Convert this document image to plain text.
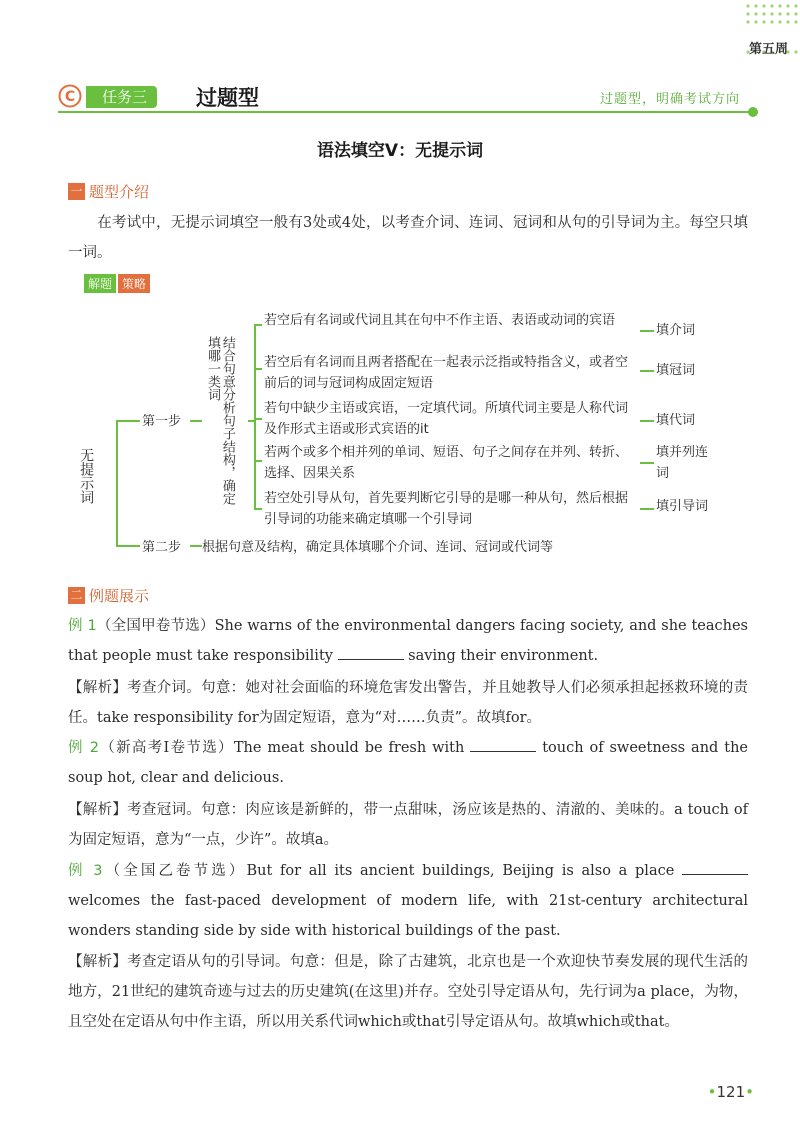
第五周
C	任务三	过题型	过题型，明确考试方向
语法填空Ⅴ：无提示词
一 题型介绍
在考试中，无提示词填空一般有3处或4处，以考查介词、连词、冠词和从句的引导词为主。每空只填一词。
解题 策略
无提示词
第一步	结合句意分析句子结构，确定填哪一类词
若空后有名词或代词且其在句中不作主语、表语或动词的宾语
若空后有名词而且两者搭配在一起表示泛指或特指含义，或者空前后的词与冠词构成固定短语
若句中缺少主语或宾语，一定填代词。所填代词主要是人称代词及作形式主语或形式宾语的it
若两个或多个相并列的单词、短语、句子之间存在并列、转折、选择、因果关系
若空处引导从句，首先要判断它引导的是哪一种从句，然后根据引导词的功能来确定填哪一个引导词
填介词
填冠词
填代词
填并列连词
填引导词
第二步 根据句意及结构，确定具体填哪个介词、连词、冠词或代词等
二 例题展示
例 1（全国甲卷节选）She warns of the environmental dangers facing society, and she teaches that people must take responsibility	saving their environment.
【解析】考查介词。句意：她对社会面临的环境危害发出警告，并且她教导人们必须承担起拯救环境的责任。take responsibility for为固定短语，意为“对……负责”。故填for。
例 2（新高考Ⅰ卷节选）The meat should be fresh with	touch of sweetness and the soup hot, clear and delicious.
【解析】考查冠词。句意：肉应该是新鲜的，带一点甜味，汤应该是热的、清澈的、美味的。a touch of为固定短语，意为“一点，少许”。故填a。
例 3（全国乙卷节选）But for all its ancient buildings, Beijing is also a place  welcomes the fast-paced development of modern life, with 21st-century architectural wonders standing side by side with historical buildings of the past.
【解析】考查定语从句的引导词。句意：但是，除了古建筑，北京也是一个欢迎快节奏发展的现代生活的地方，21世纪的建筑奇迹与过去的历史建筑(在这里)并存。空处引导定语从句，先行词为a place，为物，且空处在定语从句中作主语，所以用关系代词which或that引导定语从句。故填which或that。
•121•
